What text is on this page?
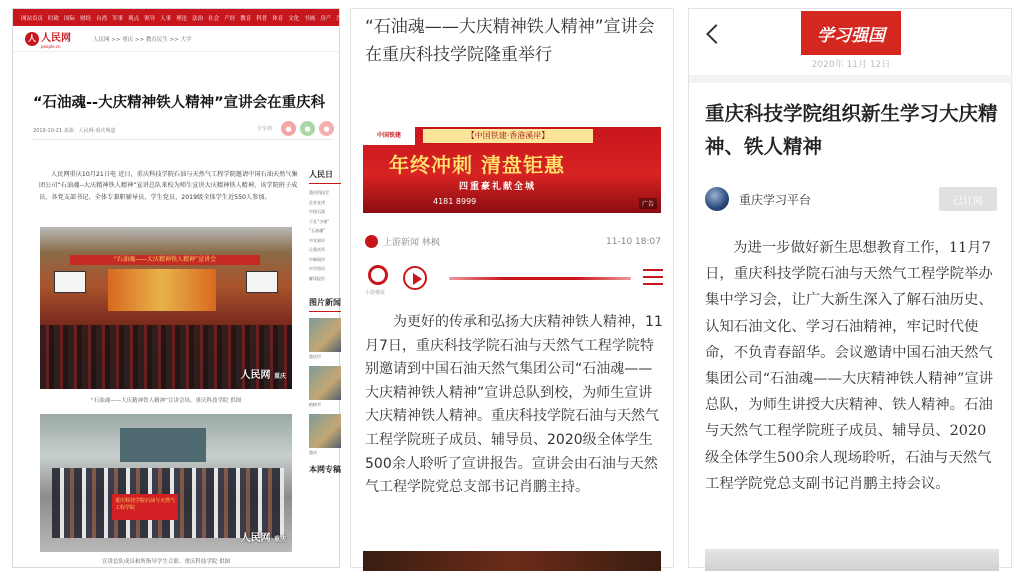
网站首页 时政 国际 财经 台湾 军事 观点 领导 人事 理论 法治 社会 产经 教育 科普 体育 文化 书画 房产 汽车
人 人民网
people.cn
人民网 >> 重庆 >> 教育民生 >> 大学
“石油魂--大庆精神铁人精神”宣讲会在重庆科
2019-10-21 来源：人民网-重庆频道	分享到：	●	●	●
人民网重庆10月21日电 近日，重庆科技学院石油与天然气工程学院邀请中国石油天然气集团公司“石油魂--大庆精神铁人精神”宣讲总队来校为师生宣讲大庆精神铁人精神，该学院班子成员、各党支部书记、全体专兼职辅导员、学生党员、2019级全体学生近550人参加。
“石油魂——大庆精神铁人精神”宣讲会
人民网 重庆
“石油魂——大庆精神铁人精神”宣讲会场。重庆科技学院 供图
重庆科技学院石油与天然气工程学院
人民网 重庆
宣讲总队成员和所指导学生合影。重庆科技学院 供图
人民日
重庆科技学
企业宣讲
中国石油
干孔“小康”
“石油魂”
中宣部评
让重庆经
中新网评
中学团员
解读报告
图片新闻
重庆市
植树节
重庆
本网专稿
“石油魂——大庆精神铁人精神”宣讲会在重庆科技学院隆重举行
中国铁建	【中国铁建·香港溪岸】
年终冲刺 清盘钜惠
四重豪礼献全城
4181 8999	广告
上游新闻 林枫	11-10 18:07
小游播报
为更好的传承和弘扬大庆精神铁人精神，11月7日，重庆科技学院石油与天然气工程学院特别邀请到中国石油天然气集团公司“石油魂——大庆精神铁人精神”宣讲总队到校，为师生宣讲大庆精神铁人精神。重庆科技学院石油与天然气工程学院班子成员、辅导员、2020级全体学生500余人聆听了宣讲报告。宣讲会由石油与天然气工程学院党总支部书记肖鹏主持。
学习强国
2020年 11月 12日
重庆科技学院组织新生学习大庆精神、铁人精神
重庆学习平台	已订阅
为进一步做好新生思想教育工作，11月7日，重庆科技学院石油与天然气工程学院举办集中学习会，让广大新生深入了解石油历史、认知石油文化、学习石油精神，牢记时代使命，不负青春韶华。会议邀请中国石油天然气集团公司“石油魂——大庆精神铁人精神”宣讲总队，为师生讲授大庆精神、铁人精神。石油与天然气工程学院班子成员、辅导员、2020级全体学生500余人现场聆听，石油与天然气工程学院党总支副书记肖鹏主持会议。
